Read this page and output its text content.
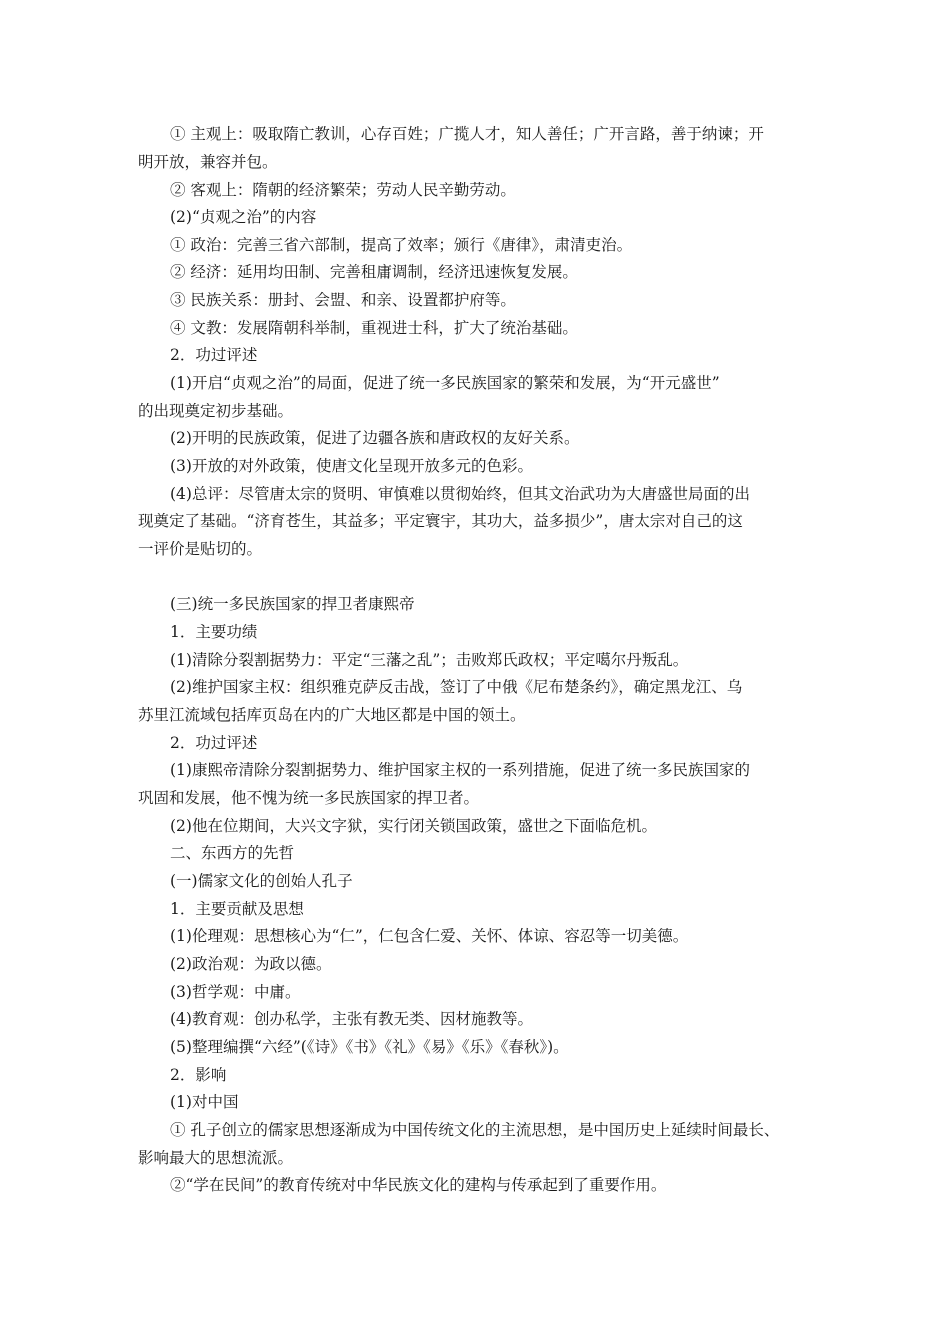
① 主观上：吸取隋亡教训，心存百姓；广揽人才，知人善任；广开言路，善于纳谏；开
明开放，兼容并包。
② 客观上：隋朝的经济繁荣；劳动人民辛勤劳动。
(2)“贞观之治”的内容
① 政治：完善三省六部制，提高了效率；颁行《唐律》，肃清吏治。
② 经济：延用均田制、完善租庸调制，经济迅速恢复发展。
③ 民族关系：册封、会盟、和亲、设置都护府等。
④ 文教：发展隋朝科举制，重视进士科，扩大了统治基础。
2．功过评述
(1)开启“贞观之治”的局面，促进了统一多民族国家的繁荣和发展，为“开元盛世”
的出现奠定初步基础。
(2)开明的民族政策，促进了边疆各族和唐政权的友好关系。
(3)开放的对外政策，使唐文化呈现开放多元的色彩。
(4)总评：尽管唐太宗的贤明、审慎难以贯彻始终，但其文治武功为大唐盛世局面的出
现奠定了基础。“济育苍生，其益多；平定寰宇，其功大，益多损少”，唐太宗对自己的这
一评价是贴切的。
(三)统一多民族国家的捍卫者康熙帝
1．主要功绩
(1)清除分裂割据势力：平定“三藩之乱”；击败郑氏政权；平定噶尔丹叛乱。
(2)维护国家主权：组织雅克萨反击战，签订了中俄《尼布楚条约》，确定黑龙江、乌
苏里江流域包括库页岛在内的广大地区都是中国的领土。
2．功过评述
(1)康熙帝清除分裂割据势力、维护国家主权的一系列措施，促进了统一多民族国家的
巩固和发展，他不愧为统一多民族国家的捍卫者。
(2)他在位期间，大兴文字狱，实行闭关锁国政策，盛世之下面临危机。
二、东西方的先哲
(一)儒家文化的创始人孔子
1．主要贡献及思想
(1)伦理观：思想核心为“仁”，仁包含仁爱、关怀、体谅、容忍等一切美德。
(2)政治观：为政以德。
(3)哲学观：中庸。
(4)教育观：创办私学，主张有教无类、因材施教等。
(5)整理编撰“六经”(《诗》《书》《礼》《易》《乐》《春秋》)。
2．影响
(1)对中国
① 孔子创立的儒家思想逐渐成为中国传统文化的主流思想，是中国历史上延续时间最长、
影响最大的思想流派。
②“学在民间”的教育传统对中华民族文化的建构与传承起到了重要作用。
